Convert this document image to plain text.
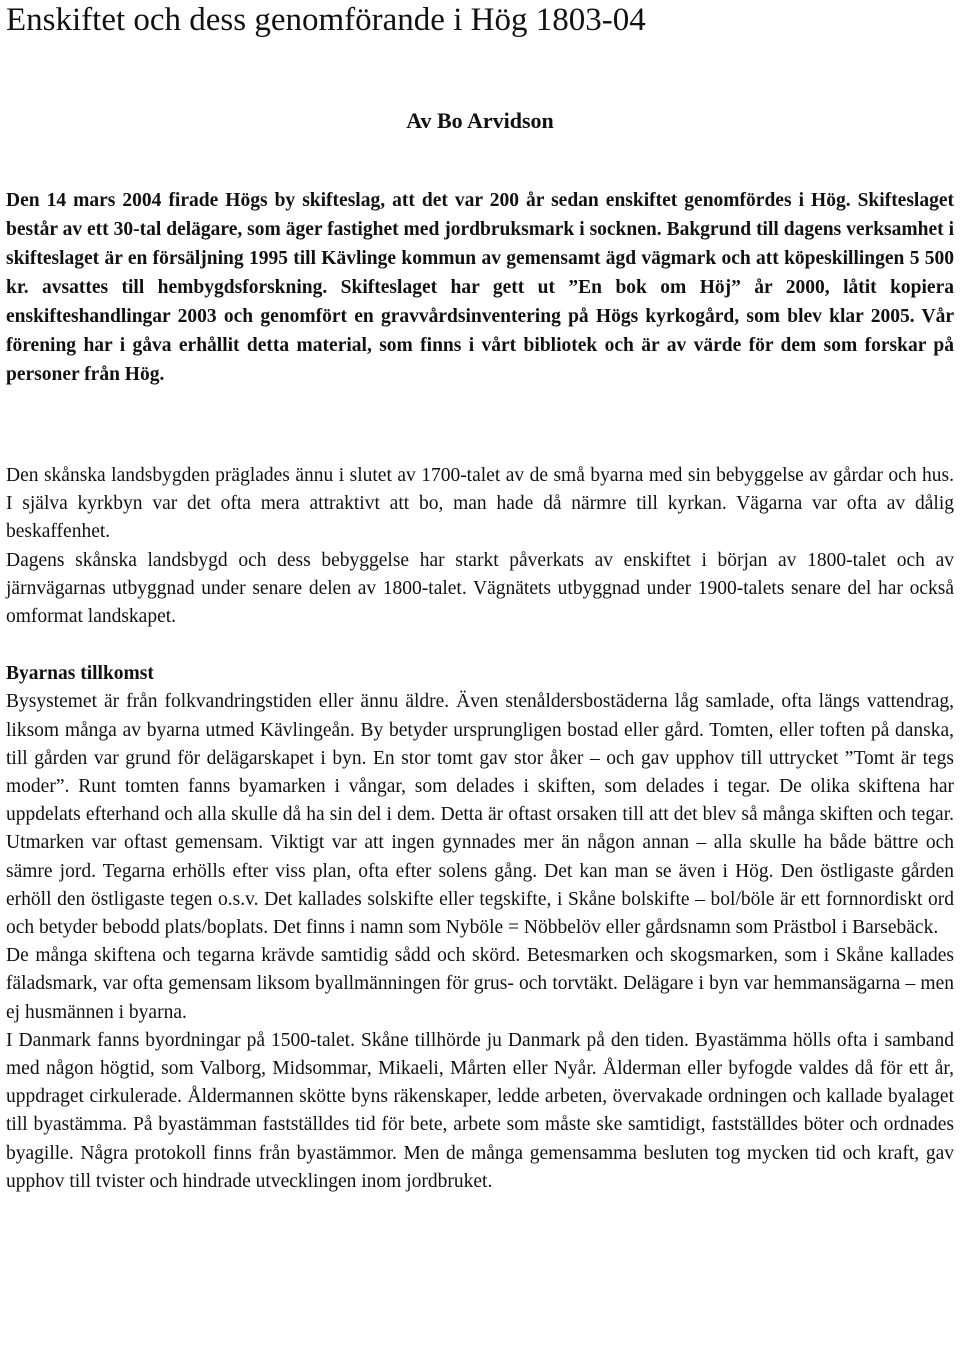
Enskiftet och dess genomförande i Hög 1803-04
Av Bo Arvidson

Den 14 mars 2004 firade Högs by skifteslag, att det var 200 år sedan enskiftet genomfördes i Hög. Skifteslaget består av ett 30-tal delägare, som äger fastighet med jordbruksmark i socknen. Bakgrund till dagens verksamhet i skifteslaget är en försäljning 1995 till Kävlinge kommun av gemensamt ägd vägmark och att köpeskillingen 5 500 kr. avsattes till hembygdsforskning. Skifteslaget har gett ut ”En bok om Höj” år 2000, låtit kopiera enskifteshandlingar 2003 och genomfört en gravvårdsinventering på Högs kyrkogård, som blev klar 2005. Vår förening har i gåva erhållit detta material, som finns i vårt bibliotek och är av värde för dem som forskar på personer från Hög.

Den skånska landsbygden präglades ännu i slutet av 1700-talet av de små byarna med sin bebyggelse av gårdar och hus. I själva kyrkbyn var det ofta mera attraktivt att bo, man hade då närmre till kyrkan. Vägarna var ofta av dålig beskaffenhet.

Dagens skånska landsbygd och dess bebyggelse har starkt påverkats av enskiftet i början av 1800-talet och av järnvägarnas utbyggnad under senare delen av 1800-talet. Vägnätets utbyggnad under 1900-talets senare del har också omformat landskapet.

Byarnas tillkomst

Bysystemet är från folkvandringstiden eller ännu äldre. Även stenåldersbostäderna låg samlade, ofta längs vattendrag, liksom många av byarna utmed Kävlingeån. By betyder ursprungligen bostad eller gård. Tomten, eller toften på danska, till gården var grund för delägarskapet i byn. En stor tomt gav stor åker – och gav upphov till uttrycket ”Tomt är tegs moder”. Runt tomten fanns byamarken i vångar, som delades i skiften, som delades i tegar. De olika skiftena har uppdelats efterhand och alla skulle då ha sin del i dem. Detta är oftast orsaken till att det blev så många skiften och tegar. Utmarken var oftast gemensam. Viktigt var att ingen gynnades mer än någon annan – alla skulle ha både bättre och sämre jord. Tegarna erhölls efter viss plan, ofta efter solens gång. Det kan man se även i Hög. Den östligaste gården erhöll den östligaste tegen o.s.v. Det kallades solskifte eller tegskifte, i Skåne bolskifte – bol/böle är ett fornnordiskt ord och betyder bebodd plats/boplats. Det finns i namn som Nyböle = Nöbbelöv eller gårdsnamn som Prästbol i Barsebäck.

De många skiftena och tegarna krävde samtidig sådd och skörd. Betesmarken och skogsmarken, som i Skåne kallades fäladsmark, var ofta gemensam liksom byallmänningen för grus- och torvtäkt. Delägare i byn var hemmansägarna – men ej husmännen i byarna.

I Danmark fanns byordningar på 1500-talet. Skåne tillhörde ju Danmark på den tiden. Byastämma hölls ofta i samband med någon högtid, som Valborg, Midsommar, Mikaeli, Mårten eller Nyår. Ålderman eller byfogde valdes då för ett år, uppdraget cirkulerade. Åldermannen skötte byns räkenskaper, ledde arbeten, övervakade ordningen och kallade byalaget till byastämma. På byastämman fastställdes tid för bete, arbete som måste ske samtidigt, fastställdes böter och ordnades byagille. Några protokoll finns från byastämmor. Men de många gemensamma besluten tog mycken tid och kraft, gav upphov till tvister och hindrade utvecklingen inom jordbruket.
